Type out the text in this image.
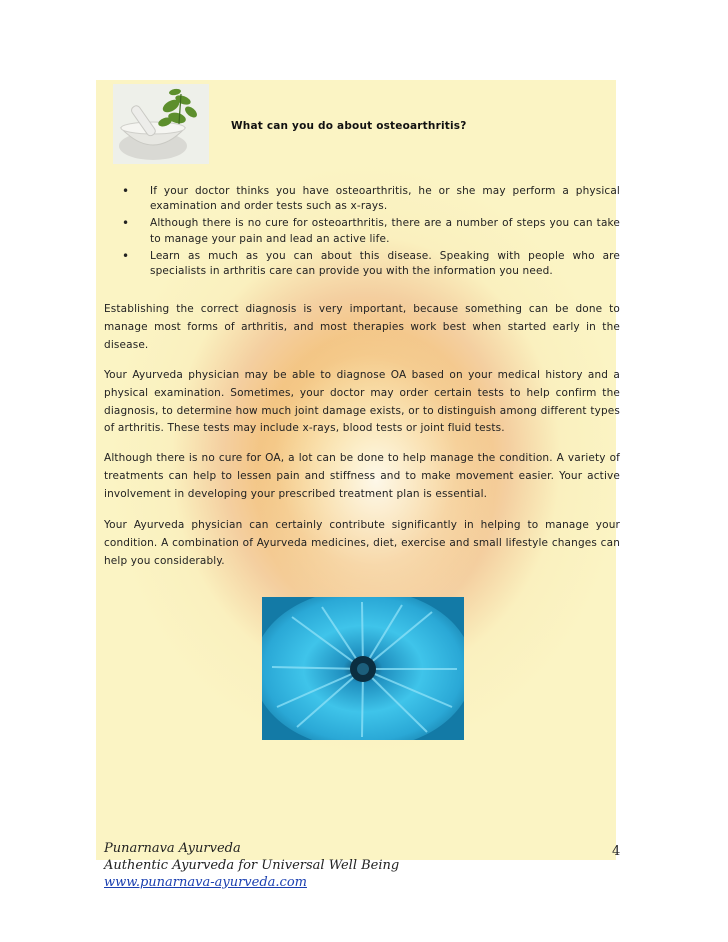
What can you do about osteoarthritis?
• If your doctor thinks you have osteoarthritis, he or she may perform a physical examination and order tests such as x-rays.
• Although there is no cure for osteoarthritis, there are a number of steps you can take to manage your pain and lead an active life.
• Learn as much as you can about this disease. Speaking with people who are specialists in arthritis care can provide you with the information you need.

Establishing the correct diagnosis is very important, because something can be done to manage most forms of arthritis, and most therapies work best when started early in the disease.

Your Ayurveda physician may be able to diagnose OA based on your medical history and a physical examination. Sometimes, your doctor may order certain tests to help confirm the diagnosis, to determine how much joint damage exists, or to distinguish among different types of arthritis. These tests may include x-rays, blood tests or joint fluid tests.

Although there is no cure for OA, a lot can be done to help manage the condition. A variety of treatments can help to lessen pain and stiffness and to make movement easier. Your active involvement in developing your prescribed treatment plan is essential.

Your Ayurveda physician can certainly contribute significantly in helping to manage your condition. A combination of Ayurveda medicines, diet, exercise and small lifestyle changes can help you considerably.

Punarnava Ayurveda
Authentic Ayurveda for Universal Well Being
www.punarnava-ayurveda.com
4
